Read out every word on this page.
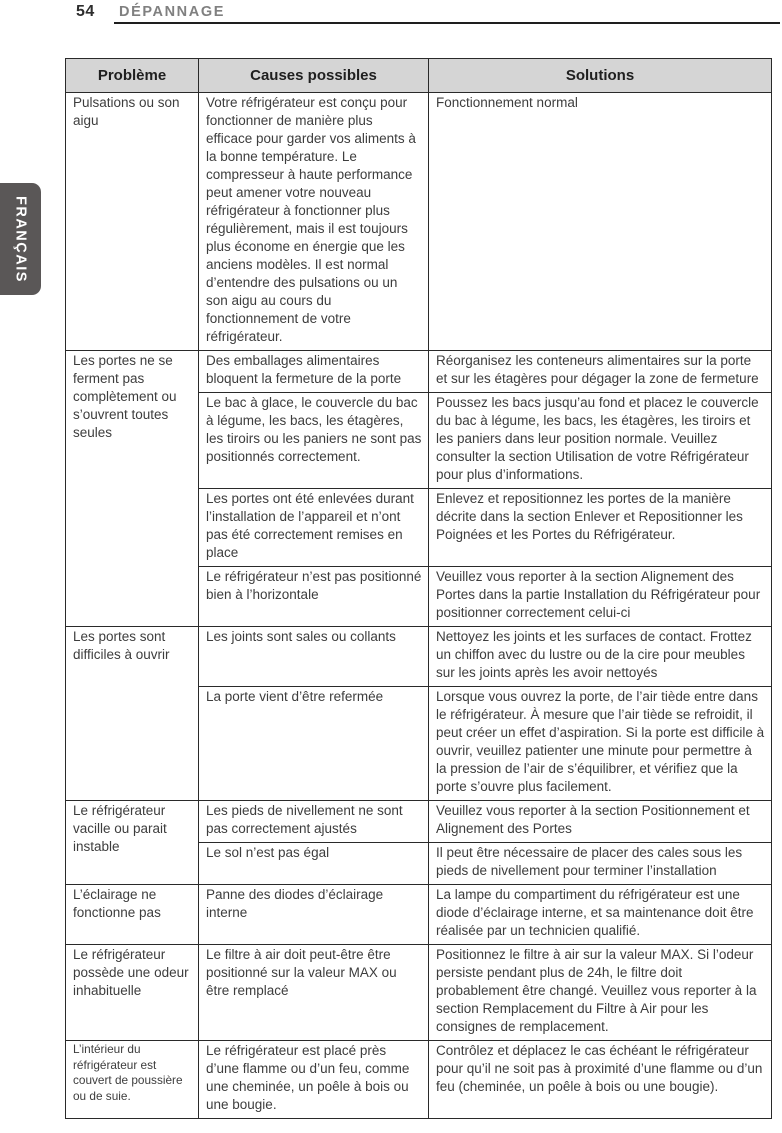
54 DÉPANNAGE
FRANÇAIS
Problème	Causes possibles	Solutions
Pulsations ou son aigu	Votre réfrigérateur est conçu pour fonctionner de manière plus efficace pour garder vos aliments à la bonne température. Le compresseur à haute performance peut amener votre nouveau réfrigérateur à fonctionner plus régulièrement, mais il est toujours plus économe en énergie que les anciens modèles. Il est normal d’entendre des pulsations ou un son aigu au cours du fonctionnement de votre réfrigérateur.	Fonctionnement normal
Les portes ne se ferment pas complètement ou s’ouvrent toutes seules	Des emballages alimentaires bloquent la fermeture de la porte	Réorganisez les conteneurs alimentaires sur la porte et sur les étagères pour dégager la zone de fermeture
	Le bac à glace, le couvercle du bac à légume, les bacs, les étagères, les tiroirs ou les paniers ne sont pas positionnés correctement.	Poussez les bacs jusqu’au fond et placez le couvercle du bac à légume, les bacs, les étagères, les tiroirs et les paniers dans leur position normale. Veuillez consulter la section Utilisation de votre Réfrigérateur pour plus d’informations.
	Les portes ont été enlevées durant l’installation de l’appareil et n’ont pas été correctement remises en place	Enlevez et repositionnez les portes de la manière décrite dans la section Enlever et Repositionner les Poignées et les Portes du Réfrigérateur.
	Le réfrigérateur n’est pas positionné bien à l’horizontale	Veuillez vous reporter à la section Alignement des Portes dans la partie Installation du Réfrigérateur pour positionner correctement celui-ci
Les portes sont difficiles à ouvrir	Les joints sont sales ou collants	Nettoyez les joints et les surfaces de contact. Frottez un chiffon avec du lustre ou de la cire pour meubles sur les joints après les avoir nettoyés
	La porte vient d’être refermée	Lorsque vous ouvrez la porte, de l’air tiède entre dans le réfrigérateur. À mesure que l’air tiède se refroidit, il peut créer un effet d’aspiration. Si la porte est difficile à ouvrir, veuillez patienter une minute pour permettre à la pression de l’air de s’équilibrer, et vérifiez que la porte s’ouvre plus facilement.
Le réfrigérateur vacille ou parait instable	Les pieds de nivellement ne sont pas correctement ajustés	Veuillez vous reporter à la section Positionnement et Alignement des Portes
	Le sol n’est pas égal	Il peut être nécessaire de placer des cales sous les pieds de nivellement pour terminer l’installation
L’éclairage ne fonctionne pas	Panne des diodes d’éclairage interne	La lampe du compartiment du réfrigérateur est une diode d’éclairage interne, et sa maintenance doit être réalisée par un technicien qualifié.
Le réfrigérateur possède une odeur inhabituelle	Le filtre à air doit peut-être être positionné sur la valeur MAX ou être remplacé	Positionnez le filtre à air sur la valeur MAX. Si l’odeur persiste pendant plus de 24h, le filtre doit probablement être changé. Veuillez vous reporter à la section Remplacement du Filtre à Air pour les consignes de remplacement.
L’intérieur du réfrigérateur est couvert de poussière ou de suie.	Le réfrigérateur est placé près d’une flamme ou d’un feu, comme une cheminée, un poêle à bois ou une bougie.	Contrôlez et déplacez le cas échéant le réfrigérateur pour qu’il ne soit pas à proximité d’une flamme ou d’un feu (cheminée, un poêle à bois ou une bougie).
